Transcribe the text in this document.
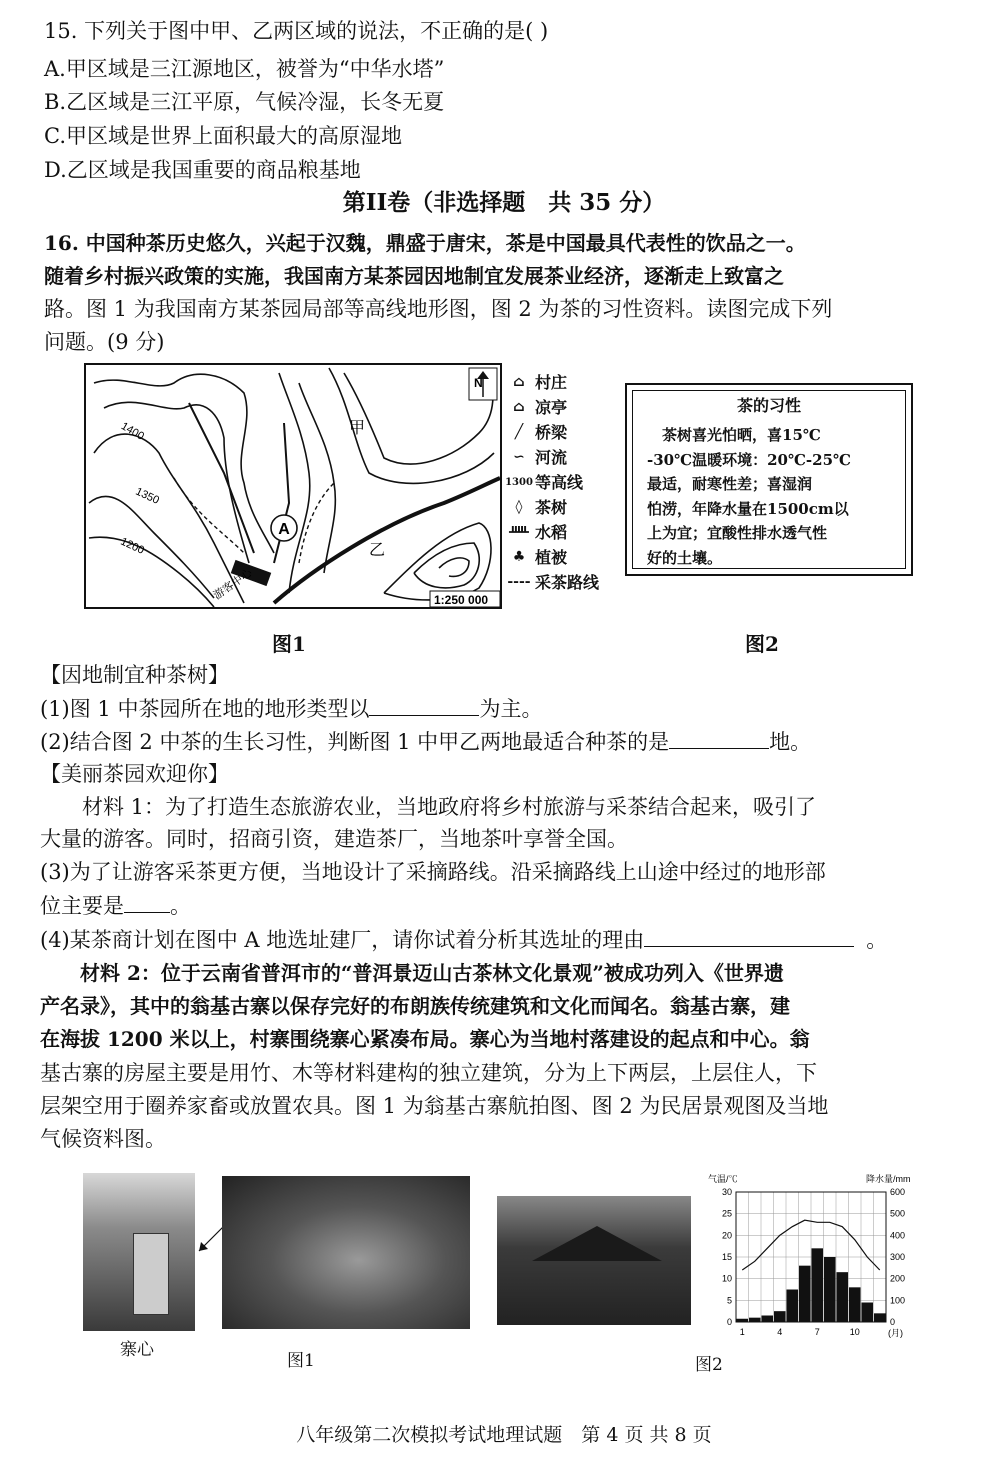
15. 下列关于图中甲、乙两区域的说法，不正确的是( )
A.甲区域是三江源地区，被誉为“中华水塔”
B.乙区域是三江平原，气候冷湿，长冬无夏
C.甲区域是世界上面积最大的高原湿地
D.乙区域是我国重要的商品粮基地
第II卷（非选择题　共 35 分）
16. 中国种茶历史悠久，兴起于汉魏，鼎盛于唐宋，茶是中国最具代表性的饮品之一。
随着乡村振兴政策的实施，我国南方某茶园因地制宜发展茶业经济，逐渐走上致富之
路。图 1 为我国南方某茶园局部等高线地形图，图 2 为茶的习性资料。读图完成下列
问题。(9 分)
A
甲
乙
游客中心
1400
1350
1200
N
1:250 000
⌂ 村庄
⌂ 凉亭
╱ 桥梁
∽ 河流
1300 等高线
◊ 茶树
ᚊ 水稻
♣ 植被
---- 采茶路线
茶的习性
　茶树喜光怕晒，喜15℃
-30℃温暖环境：20℃-25℃
最适，耐寒性差；喜湿润
怕涝，年降水量在1500cm以
上为宜；宜酸性排水透气性
好的土壤。
图1	图2
【因地制宜种茶树】
(1)图 1 中茶园所在地的地形类型以	为主。
(2)结合图 2 中茶的生长习性，判断图 1 中甲乙两地最适合种茶的是	地。
【美丽茶园欢迎你】
　　材料 1：为了打造生态旅游农业，当地政府将乡村旅游与采茶结合起来，吸引了
大量的游客。同时，招商引资，建造茶厂，当地茶叶享誉全国。
(3)为了让游客采茶更方便，当地设计了采摘路线。沿采摘路线上山途中经过的地形部
位主要是 。
(4)某茶商计划在图中 A 地选址建厂，请你试着分析其选址的理由	。
　　材料 2：位于云南省普洱市的“普洱景迈山古茶林文化景观”被成功列入《世界遗
产名录》，其中的翁基古寨以保存完好的布朗族传统建筑和文化而闻名。翁基古寨，建
在海拔 1200 米以上，村寨围绕寨心紧凑布局。寨心为当地村落建设的起点和中心。翁
基古寨的房屋主要是用竹、木等材料建构的独立建筑，分为上下两层，上层住人，下
层架空用于圈养家畜或放置农具。图 1 为翁基古寨航拍图、图 2 为民居景观图及当地
气候资料图。
寨心
图1	图2
气温/℃	降水量/mm
0
5
10
15
20
25
30
0
100
200
300
400
500
600
1	4	7	10	(月)
八年级第二次模拟考试地理试题　第 4 页 共 8 页
